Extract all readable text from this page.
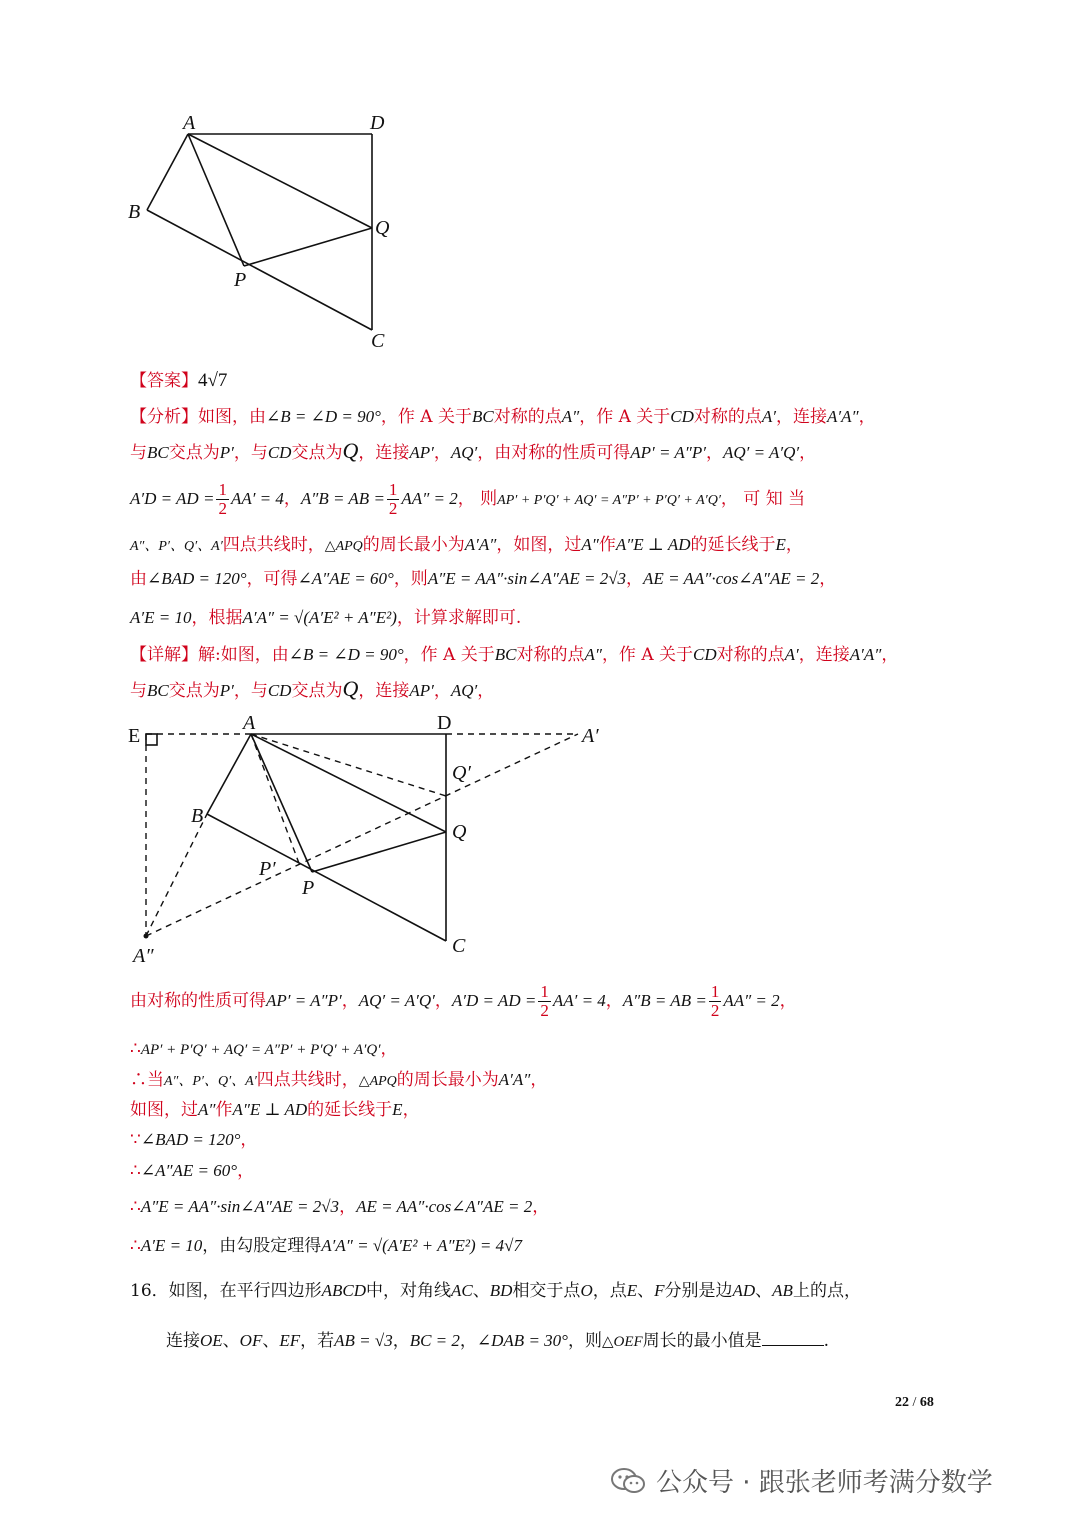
A	D
B
Q
P
C
【答案】4√7
【分析】如图，由∠B = ∠D = 90°，作 A 关于BC对称的点A″，作 A 关于CD对称的点A′，连接A′A″，
与BC交点为P′，与CD交点为Q，连接AP′，AQ′，由对称的性质可得AP′ = A″P′，AQ′ = A′Q′，
A′D = AD = $\frac{1}{2} AA' = 4$，A″B = AB = $\frac{1}{2} AA'' = 2$， 则AP′ + P′Q′ + AQ′ = A″P′ + P′Q′ + A′Q′， 可 知 当
A″、P′、Q′、A′四点共线时，△APQ的周长最小为A′A″，如图，过A″作A″E ⊥ AD的延长线于E，
由∠BAD = 120°，可得∠A″AE = 60°，则A″E = AA″·sin∠A″AE = 2√3，AE = AA″·cos∠A″AE = 2，
A′E = 10，根据A′A″ = √(A′E² + A″E²)，计算求解即可.
【详解】解:如图，由∠B = ∠D = 90°，作 A 关于BC对称的点A″，作 A 关于CD对称的点A′，连接A′A″，
与BC交点为P′，与CD交点为Q，连接AP′，AQ′，
E
A	D
A′
Q′
B
Q
P′
P
A″	C
由对称的性质可得AP′ = A″P′，AQ′ = A′Q′，A′D = AD = $\frac{1}{2} AA' = 4$，A″B = AB = $\frac{1}{2} AA'' = 2$，
∴AP′ + P′Q′ + AQ′ = A″P′ + P′Q′ + A′Q′，
∴当A″、P′、Q′、A′四点共线时，△APQ的周长最小为A′A″，
如图，过A″作A″E ⊥ AD的延长线于E，
∵∠BAD = 120°，
∴∠A″AE = 60°，
∴A″E = AA″·sin∠A″AE = 2√3，AE = AA″·cos∠A″AE = 2，
∴A′E = 10，由勾股定理得A′A″ = √(A′E² + A″E²) = 4√7
16．如图，在平行四边形ABCD中，对角线AC、BD相交于点O，点E、F分别是边AD、AB上的点，
连接OE、OF、EF，若AB = √3，BC = 2，∠DAB = 30°，则△OEF周长的最小值是	.
22 / 68
公众号 · 跟张老师考满分数学
